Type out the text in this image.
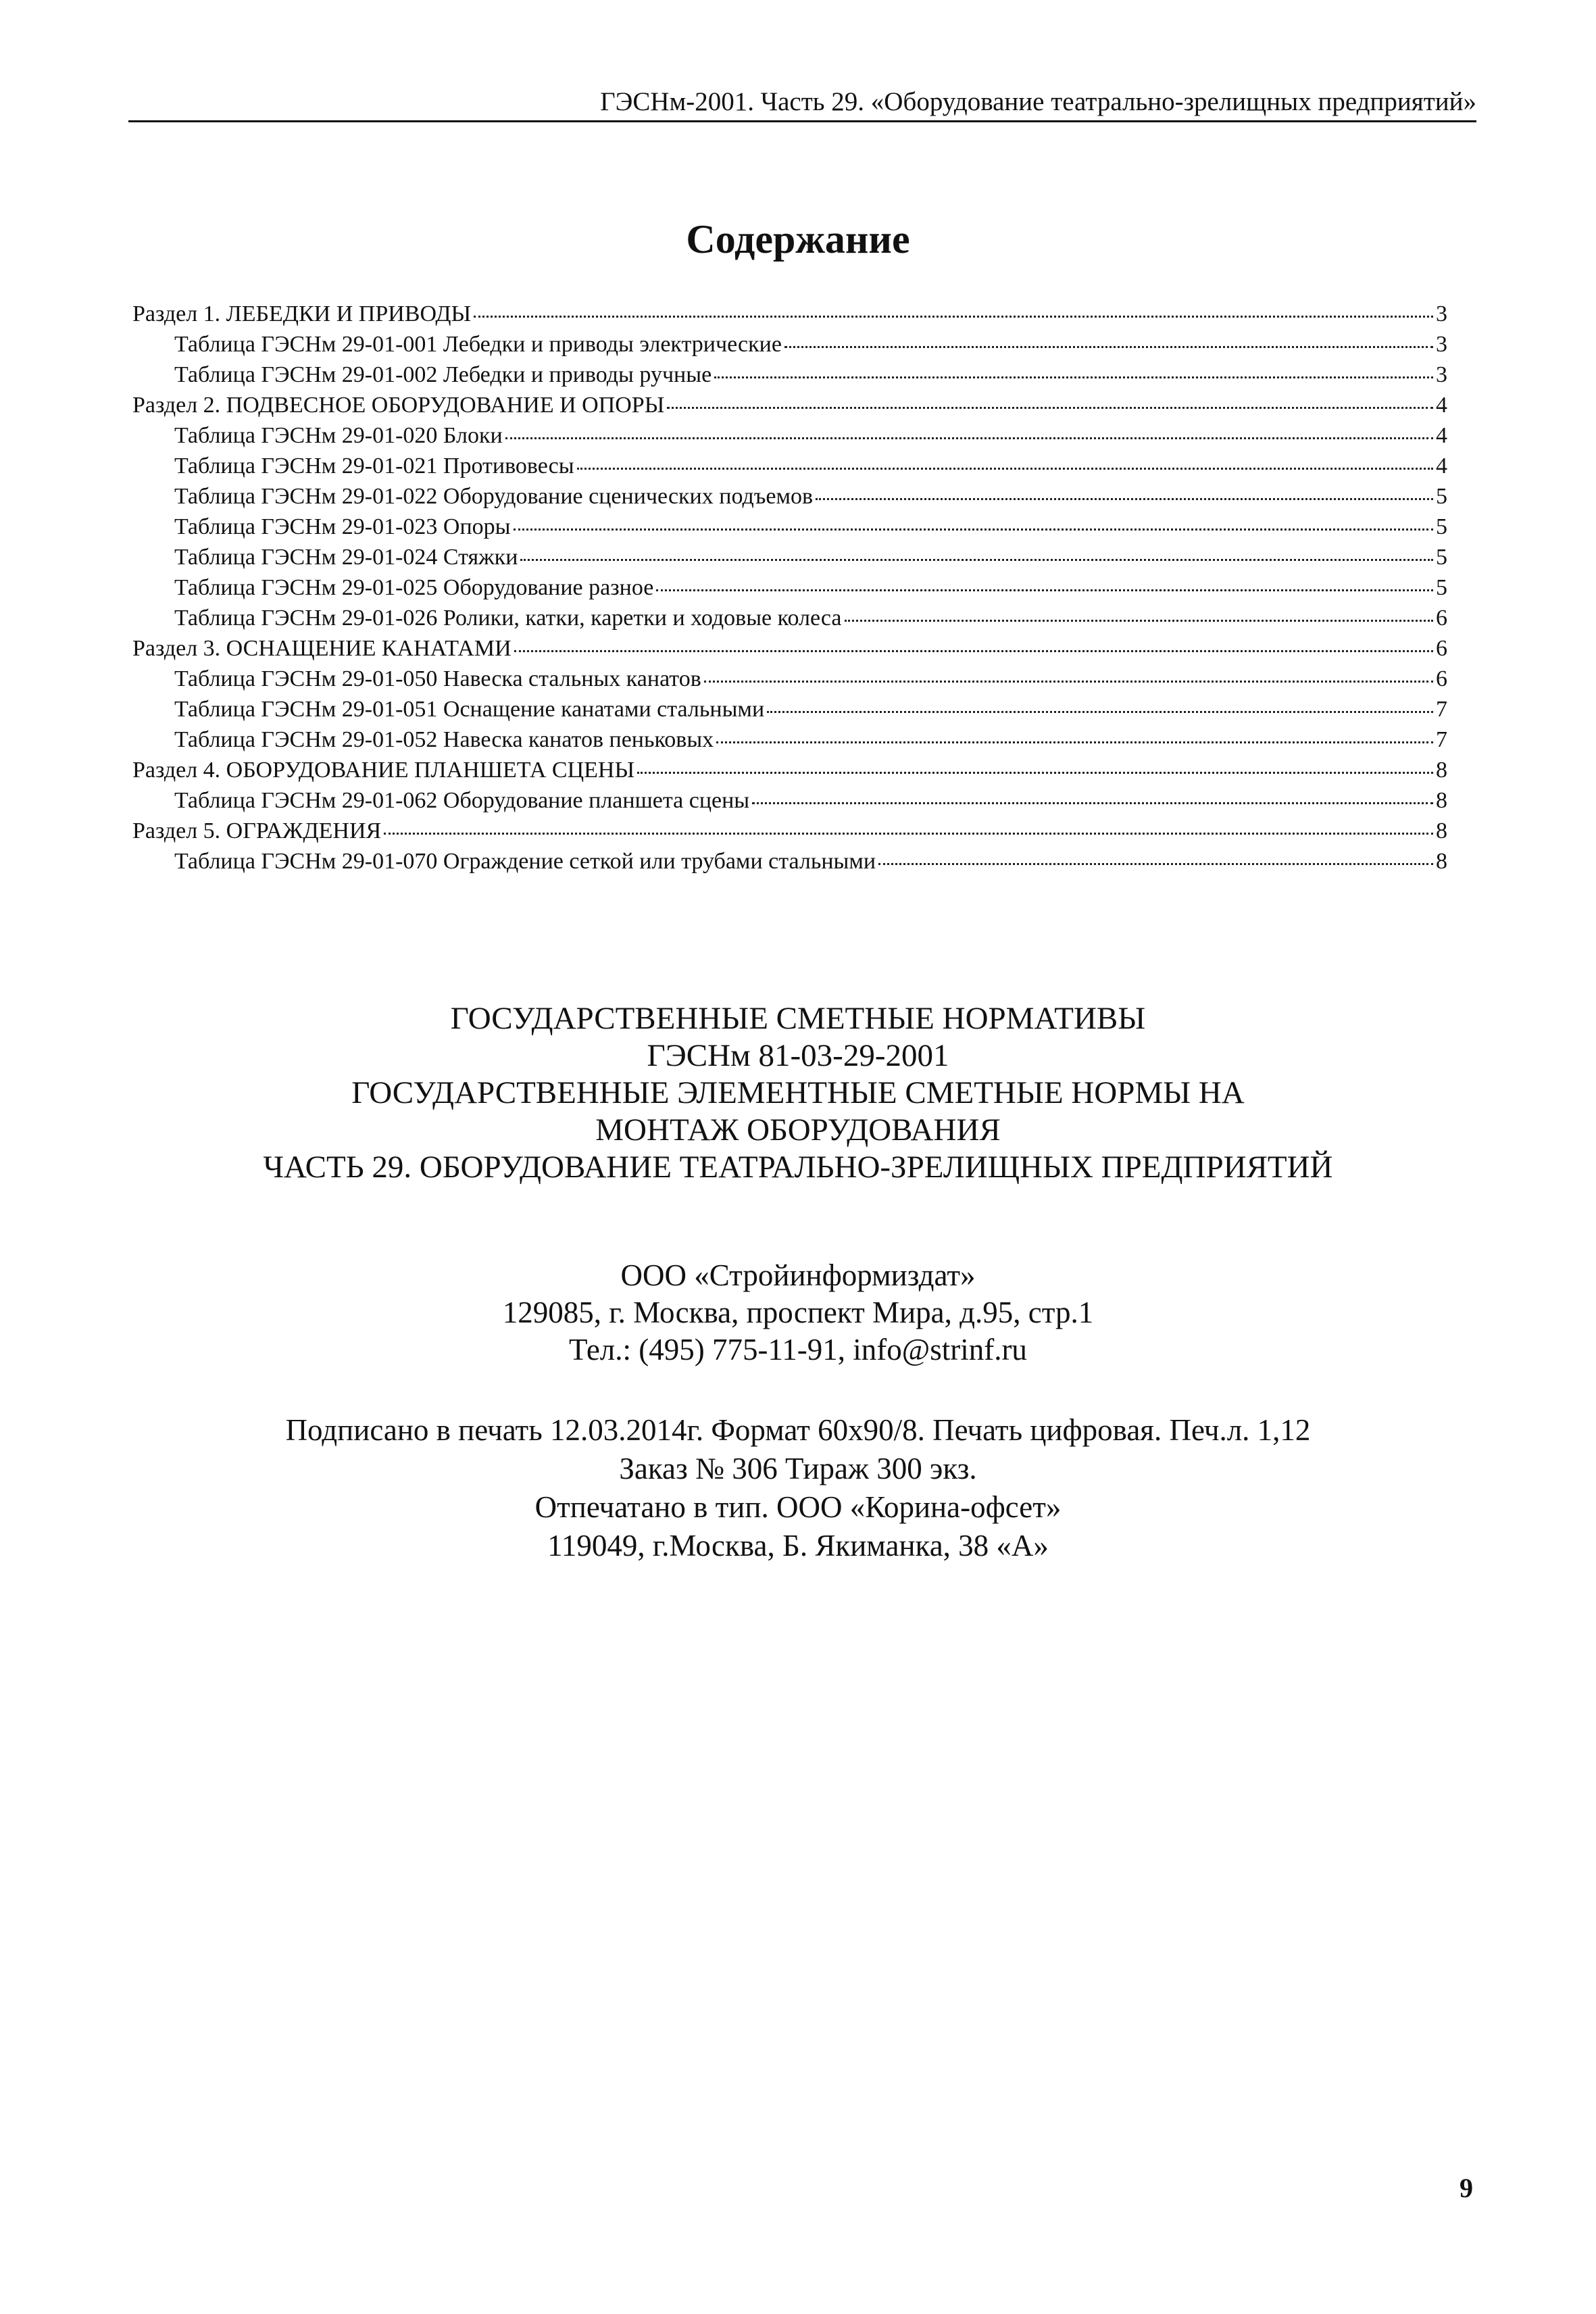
ГЭСНм-2001. Часть 29. «Оборудование театрально-зрелищных предприятий»
Содержание
Раздел 1. ЛЕБЕДКИ И ПРИВОДЫ	3
Таблица ГЭСНм 29-01-001 Лебедки и приводы электрические	3
Таблица ГЭСНм 29-01-002 Лебедки и приводы ручные	3
Раздел 2. ПОДВЕСНОЕ ОБОРУДОВАНИЕ И ОПОРЫ	4
Таблица ГЭСНм 29-01-020 Блоки	4
Таблица ГЭСНм 29-01-021 Противовесы	4
Таблица ГЭСНм 29-01-022 Оборудование сценических подъемов	5
Таблица ГЭСНм 29-01-023 Опоры	5
Таблица ГЭСНм 29-01-024 Стяжки	5
Таблица ГЭСНм 29-01-025 Оборудование разное	5
Таблица ГЭСНм 29-01-026 Ролики, катки, каретки и ходовые колеса	6
Раздел 3. ОСНАЩЕНИЕ КАНАТАМИ	6
Таблица ГЭСНм 29-01-050 Навеска стальных канатов	6
Таблица ГЭСНм 29-01-051 Оснащение канатами стальными	7
Таблица ГЭСНм 29-01-052 Навеска канатов пеньковых	7
Раздел 4. ОБОРУДОВАНИЕ ПЛАНШЕТА СЦЕНЫ	8
Таблица ГЭСНм 29-01-062 Оборудование планшета сцены	8
Раздел 5. ОГРАЖДЕНИЯ	8
Таблица ГЭСНм 29-01-070 Ограждение сеткой или трубами стальными	8
ГОСУДАРСТВЕННЫЕ СМЕТНЫЕ НОРМАТИВЫ
ГЭСНм 81-03-29-2001
ГОСУДАРСТВЕННЫЕ ЭЛЕМЕНТНЫЕ СМЕТНЫЕ НОРМЫ НА
МОНТАЖ ОБОРУДОВАНИЯ
ЧАСТЬ 29. ОБОРУДОВАНИЕ ТЕАТРАЛЬНО-ЗРЕЛИЩНЫХ ПРЕДПРИЯТИЙ
ООО «Стройинформиздат»
129085, г. Москва, проспект Мира, д.95, стр.1
Тел.: (495) 775-11-91, info@strinf.ru
Подписано в печать 12.03.2014г. Формат 60х90/8. Печать цифровая. Печ.л. 1,12
Заказ № 306 Тираж 300 экз.
Отпечатано в тип. ООО «Корина-офсет»
119049, г.Москва, Б. Якиманка, 38 «А»
9
